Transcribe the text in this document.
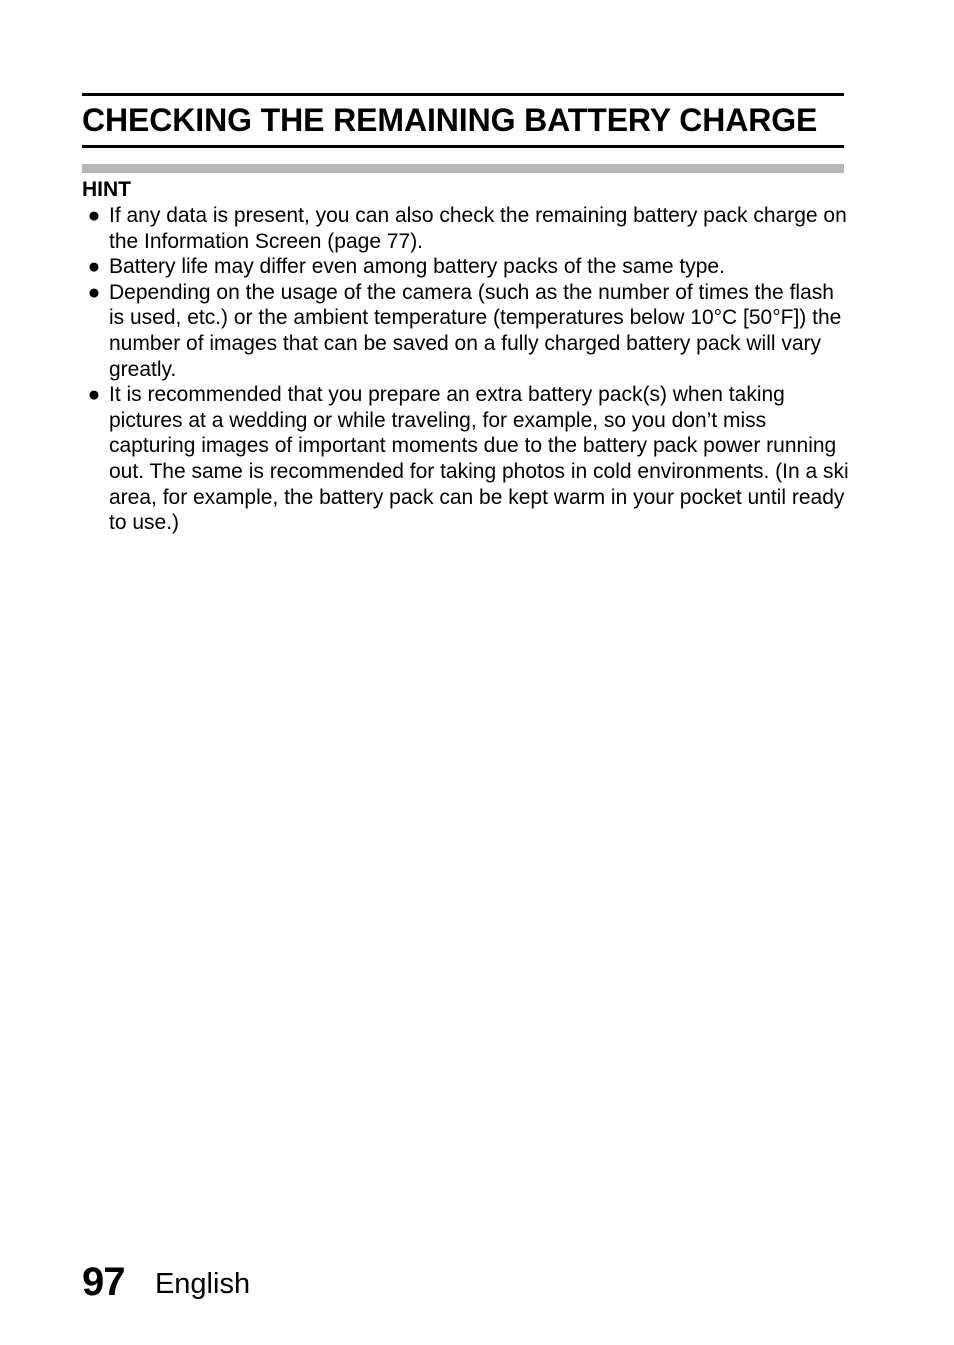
CHECKING THE REMAINING BATTERY CHARGE
HINT
● If any data is present, you can also check the remaining battery pack charge on the Information Screen (page 77).
● Battery life may differ even among battery packs of the same type.
● Depending on the usage of the camera (such as the number of times the flash is used, etc.) or the ambient temperature (temperatures below 10°C [50°F]) the number of images that can be saved on a fully charged battery pack will vary greatly.
● It is recommended that you prepare an extra battery pack(s) when taking pictures at a wedding or while traveling, for example, so you don’t miss capturing images of important moments due to the battery pack power running out. The same is recommended for taking photos in cold environments. (In a ski area, for example, the battery pack can be kept warm in your pocket until ready to use.)
97 English
